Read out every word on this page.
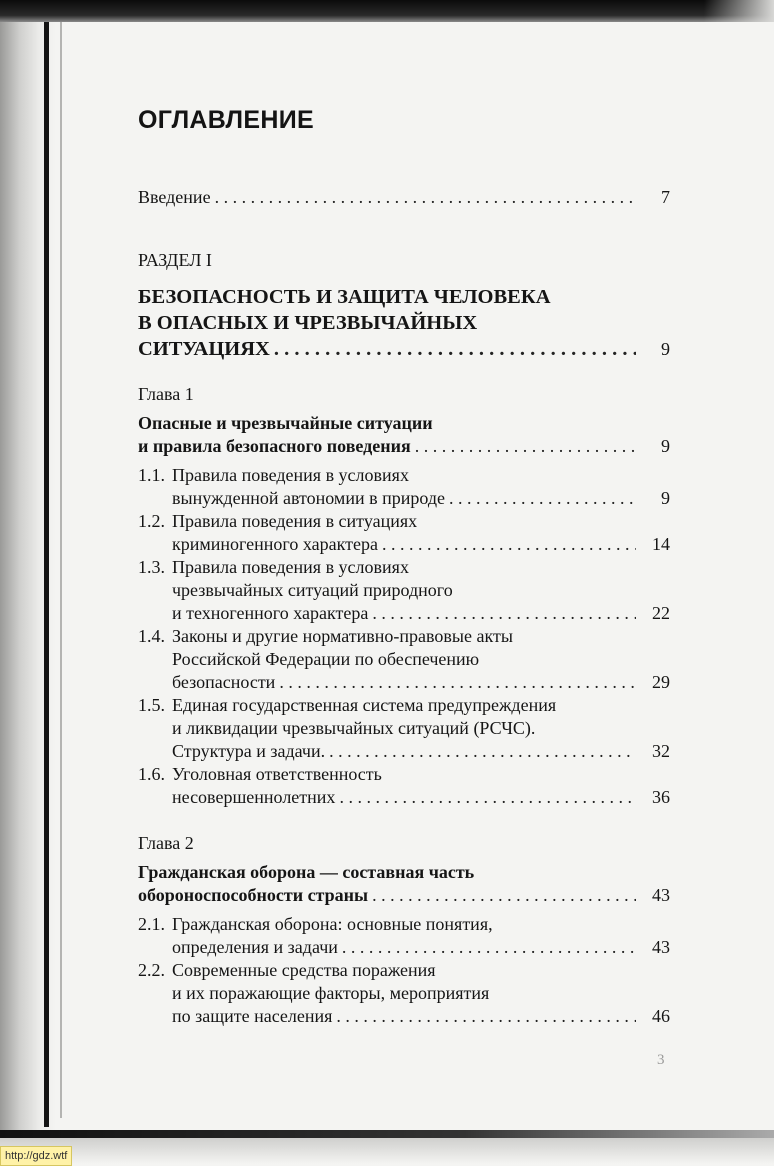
ОГЛАВЛЕНИЕ
Введение . . .	7
РАЗДЕЛ I
БЕЗОПАСНОСТЬ И ЗАЩИТА ЧЕЛОВЕКА
В ОПАСНЫХ И ЧРЕЗВЫЧАЙНЫХ
СИТУАЦИЯХ . . .	9
Глава 1
Опасные и чрезвычайные ситуации
и правила безопасного поведения . . .	9
1.1. Правила поведения в условиях
вынужденной автономии в природе . . .	9
1.2. Правила поведения в ситуациях
криминогенного характера . . .	14
1.3. Правила поведения в условиях
чрезвычайных ситуаций природного
и техногенного характера . . .	22
1.4. Законы и другие нормативно-правовые акты
Российской Федерации по обеспечению
безопасности . . .	29
1.5. Единая государственная система предупреждения
и ликвидации чрезвычайных ситуаций (РСЧС).
Структура и задачи. . . .	32
1.6. Уголовная ответственность
несовершеннолетних . . .	36
Глава 2
Гражданская оборона — составная часть
обороноспособности страны . . .	43
2.1. Гражданская оборона: основные понятия,
определения и задачи . . .	43
2.2. Современные средства поражения
и их поражающие факторы, мероприятия
по защите населения . . .	46
3
http://gdz.wtf
